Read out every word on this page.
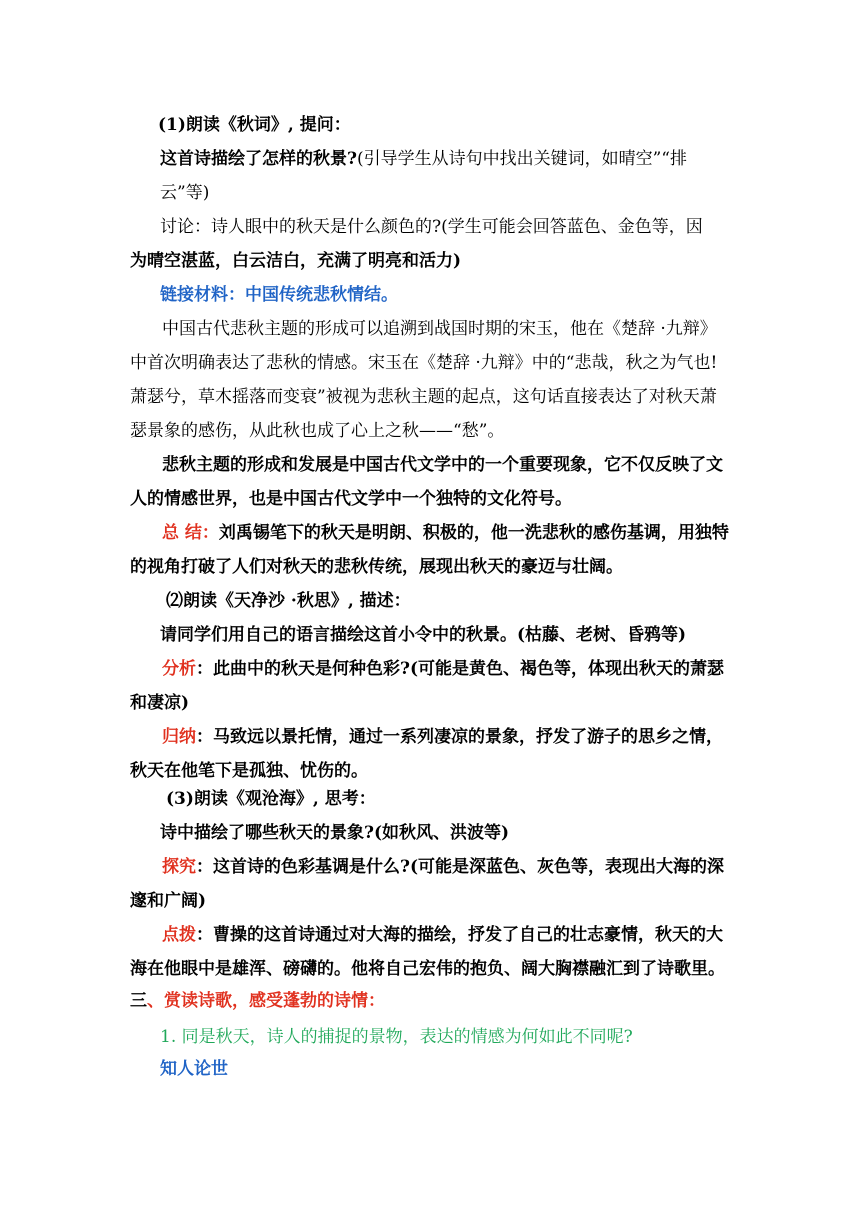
(1)朗读《秋词》, 提问：

这首诗描绘了怎样的秋景?(引导学生从诗句中找出关键词，如晴空”“排云”等)

讨论：诗人眼中的秋天是什么颜色的?(学生可能会回答蓝色、金色等，因

为晴空湛蓝，白云洁白，充满了明亮和活力)

链接材料：中国传统悲秋情结。

中国古代悲秋主题的形成可以追溯到战国时期的宋玉，他在《楚辞 ·九辩》中首次明确表达了悲秋的情感。宋玉在《楚辞 ·九辩》中的“悲哉，秋之为气也!萧瑟兮，草木摇落而变衰”被视为悲秋主题的起点，这句话直接表达了对秋天萧瑟景象的感伤，从此秋也成了心上之秋——“愁”。

悲秋主题的形成和发展是中国古代文学中的一个重要现象，它不仅反映了文人的情感世界，也是中国古代文学中一个独特的文化符号。

总 结：刘禹锡笔下的秋天是明朗、积极的，他一洗悲秋的感伤基调，用独特的视角打破了人们对秋天的悲秋传统，展现出秋天的豪迈与壮阔。

⑵朗读《天净沙 ·秋思》, 描述：

请同学们用自己的语言描绘这首小令中的秋景。(枯藤、老树、昏鸦等)

分析：此曲中的秋天是何种色彩?(可能是黄色、褐色等，体现出秋天的萧瑟和凄凉)

归纳：马致远以景托情，通过一系列凄凉的景象，抒发了游子的思乡之情，秋天在他笔下是孤独、忧伤的。

(3)朗读《观沧海》, 思考：

诗中描绘了哪些秋天的景象?(如秋风、洪波等)

探究：这首诗的色彩基调是什么?(可能是深蓝色、灰色等，表现出大海的深邃和广阔)

点拨：曹操的这首诗通过对大海的描绘，抒发了自己的壮志豪情，秋天的大海在他眼中是雄浑、磅礴的。他将自己宏伟的抱负、阔大胸襟融汇到了诗歌里。

三、赏读诗歌，感受蓬勃的诗情：

1. 同是秋天，诗人的捕捉的景物，表达的情感为何如此不同呢?

知人论世
